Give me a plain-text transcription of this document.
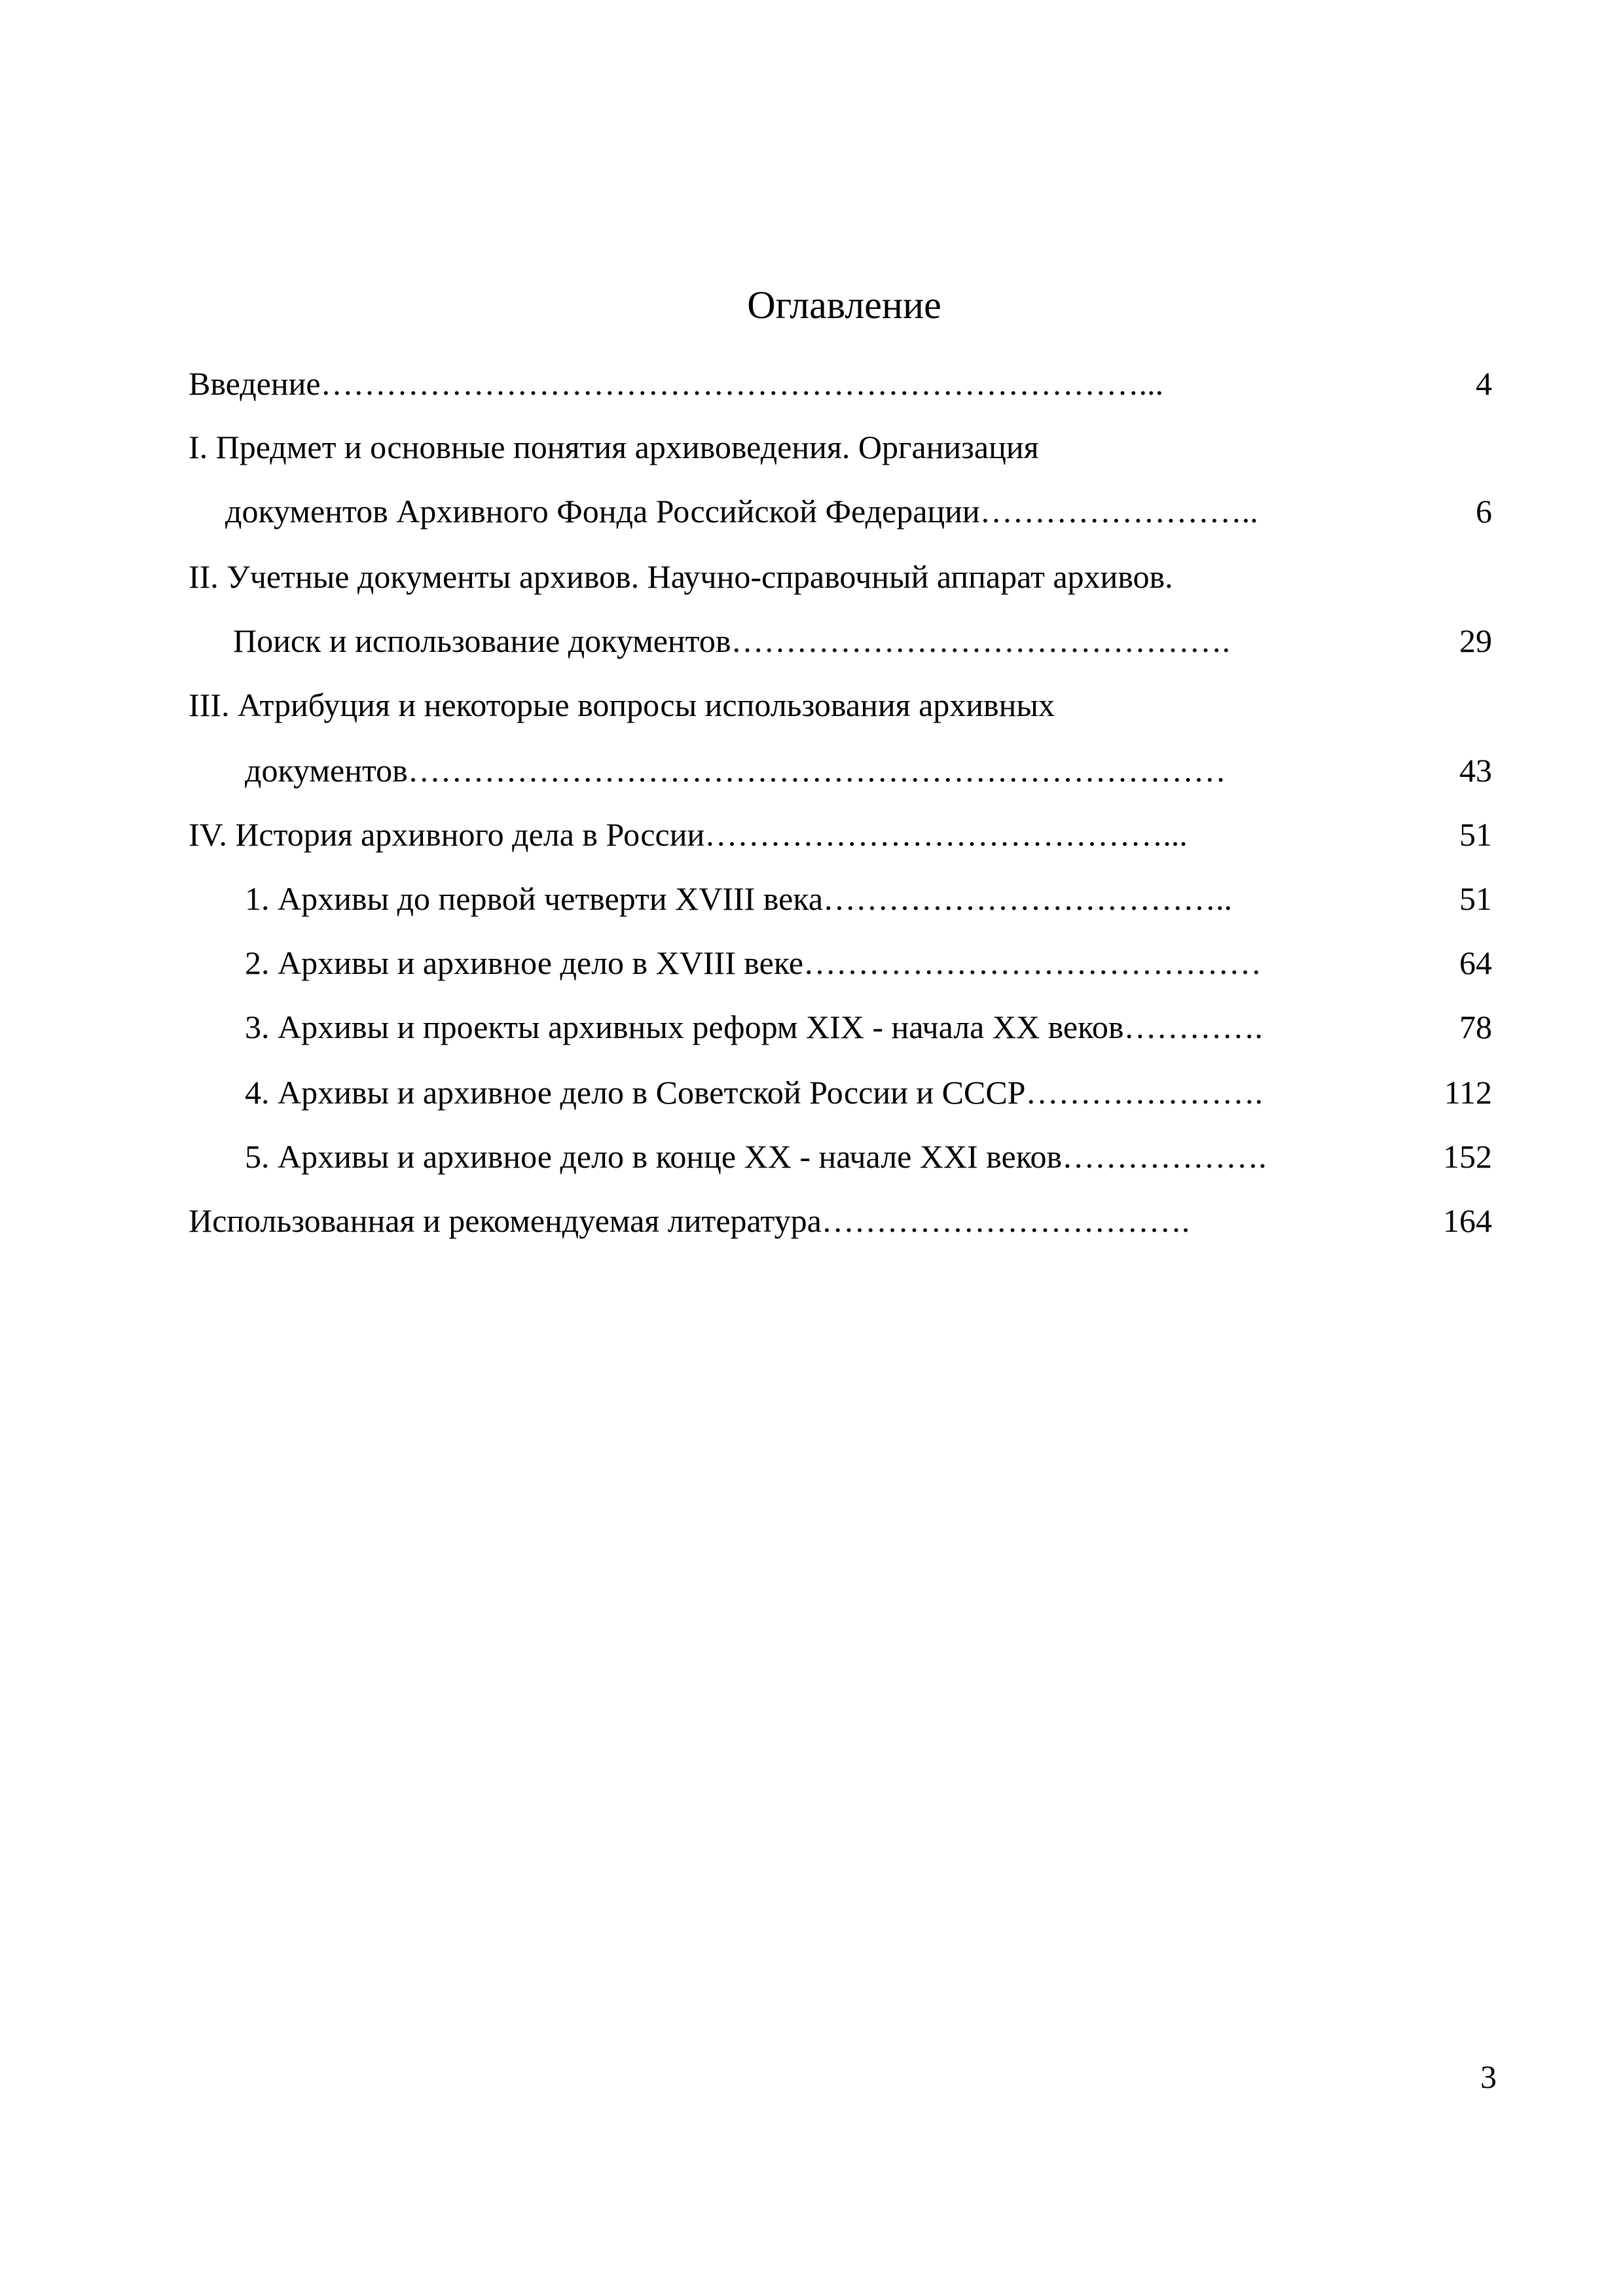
Оглавление
Введение…………………………………………………………………...	4
I. Предмет и основные понятия архивоведения. Организация
документов Архивного Фонда Российской Федерации……………………..	6
II. Учетные документы архивов. Научно-справочный аппарат архивов.
Поиск и использование документов……………………………………….	29
III. Атрибуция и некоторые вопросы использования архивных
документов…………………………………………………………………	43
IV. История архивного дела в России……………………………………...	51
1. Архивы до первой четверти XVIII века………………………………..	51
2. Архивы и архивное дело в XVIII веке……………………………………	64
3. Архивы и проекты архивных реформ XIX - начала XX веков………….	78
4. Архивы и архивное дело в Советской России и СССР………………….	112
5. Архивы и архивное дело в конце XX - начале XXI веков……………….	152
Использованная и рекомендуемая литература…………………………….	164
3
